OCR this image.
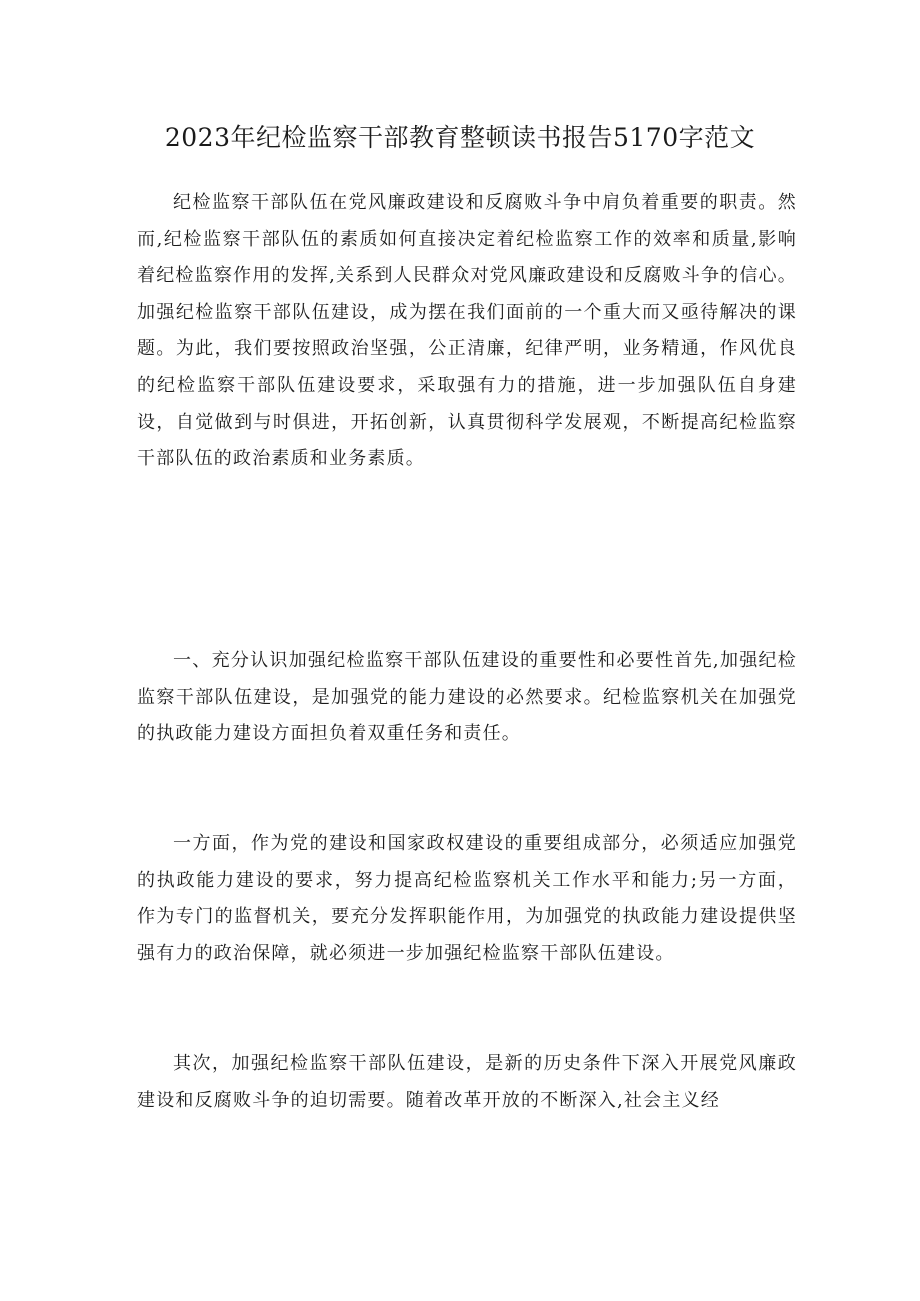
2023年纪检监察干部教育整顿读书报告5170字范文

纪检监察干部队伍在党风廉政建设和反腐败斗争中肩负着重要的职责。然而,纪检监察干部队伍的素质如何直接决定着纪检监察工作的效率和质量,影响着纪检监察作用的发挥,关系到人民群众对党风廉政建设和反腐败斗争的信心。加强纪检监察干部队伍建设，成为摆在我们面前的一个重大而又亟待解决的课题。为此，我们要按照政治坚强，公正清廉，纪律严明，业务精通，作风优良的纪检监察干部队伍建设要求，采取强有力的措施，进一步加强队伍自身建设，自觉做到与时俱进，开拓创新，认真贯彻科学发展观，不断提高纪检监察干部队伍的政治素质和业务素质。

一、充分认识加强纪检监察干部队伍建设的重要性和必要性首先,加强纪检监察干部队伍建设，是加强党的能力建设的必然要求。纪检监察机关在加强党的执政能力建设方面担负着双重任务和责任。

一方面，作为党的建设和国家政权建设的重要组成部分，必须适应加强党的执政能力建设的要求，努力提高纪检监察机关工作水平和能力;另一方面，作为专门的监督机关，要充分发挥职能作用，为加强党的执政能力建设提供坚强有力的政治保障，就必须进一步加强纪检监察干部队伍建设。

其次，加强纪检监察干部队伍建设，是新的历史条件下深入开展党风廉政建设和反腐败斗争的迫切需要。随着改革开放的不断深入,社会主义经
